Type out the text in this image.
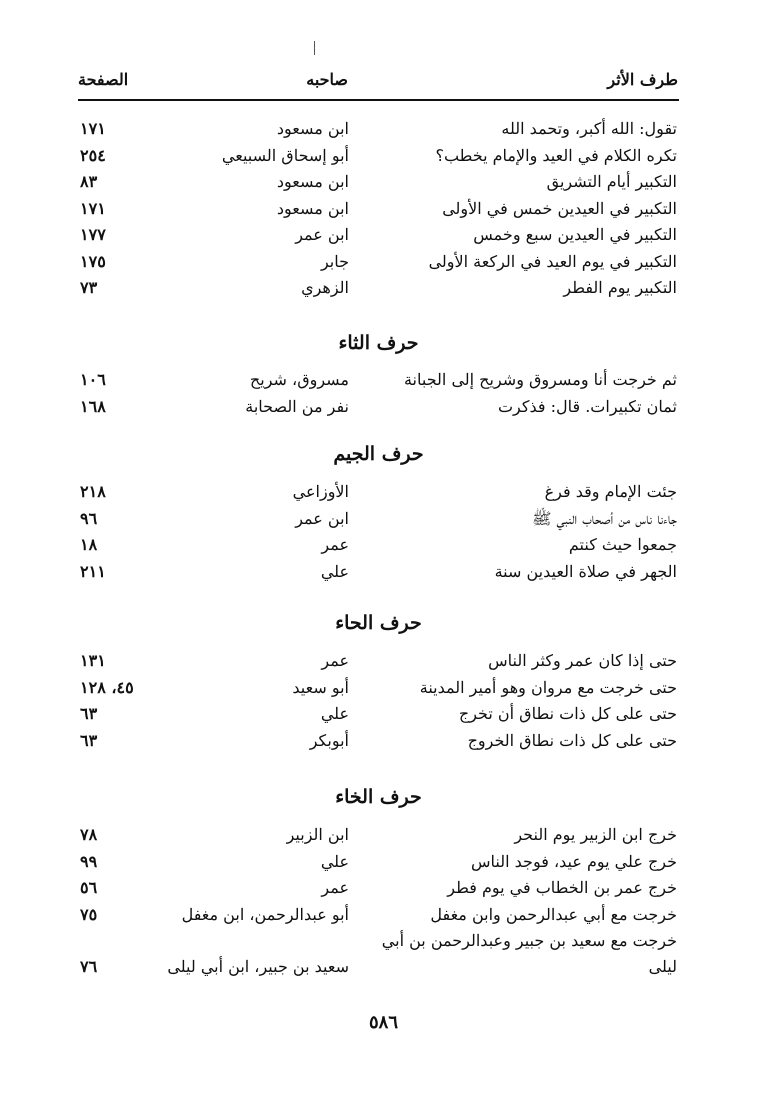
طرف الأثر
صاحبه
الصفحة
تقول: الله أكبر، وتحمد الله
ابن مسعود
١٧١
تكره الكلام في العيد والإمام يخطب؟
أبو إسحاق السبيعي
٢٥٤
التكبير أيام التشريق
ابن مسعود
٨٣
التكبير في العيدين خمس في الأولى
ابن مسعود
١٧١
التكبير في العيدين سبع وخمس
ابن عمر
١٧٧
التكبير في يوم العيد في الركعة الأولى
جابر
١٧٥
التكبير يوم الفطر
الزهري
٧٣
حرف الثاء
ثم خرجت أنا ومسروق وشريح إلى الجبانة
مسروق، شريح
١٠٦
ثمان تكبيرات. قال: فذكرت
نفر من الصحابة
١٦٨
حرف الجيم
جئت الإمام وقد فرغ
الأوزاعي
٢١٨
جاءنا ناس من أصحاب النبي ﷺ
ابن عمر
٩٦
جمعوا حيث كنتم
عمر
١٨
الجهر في صلاة العيدين سنة
علي
٢١١
حرف الحاء
حتى إذا كان عمر وكثر الناس
عمر
١٣١
حتى خرجت مع مروان وهو أمير المدينة
أبو سعيد
٤٥، ١٢٨
حتى على كل ذات نطاق أن تخرج
علي
٦٣
حتى على كل ذات نطاق الخروج
أبوبكر
٦٣
حرف الخاء
خرج ابن الزبير يوم النحر
ابن الزبير
٧٨
خرج علي يوم عيد، فوجد الناس
علي
٩٩
خرج عمر بن الخطاب في يوم فطر
عمر
٥٦
خرجت مع أبي عبدالرحمن وابن مغفل
أبو عبدالرحمن، ابن مغفل
٧٥
خرجت مع سعيد بن جبير وعبدالرحمن بن أبي ليلى
سعيد بن جبير، ابن أبي ليلى
٧٦
٥٨٦
